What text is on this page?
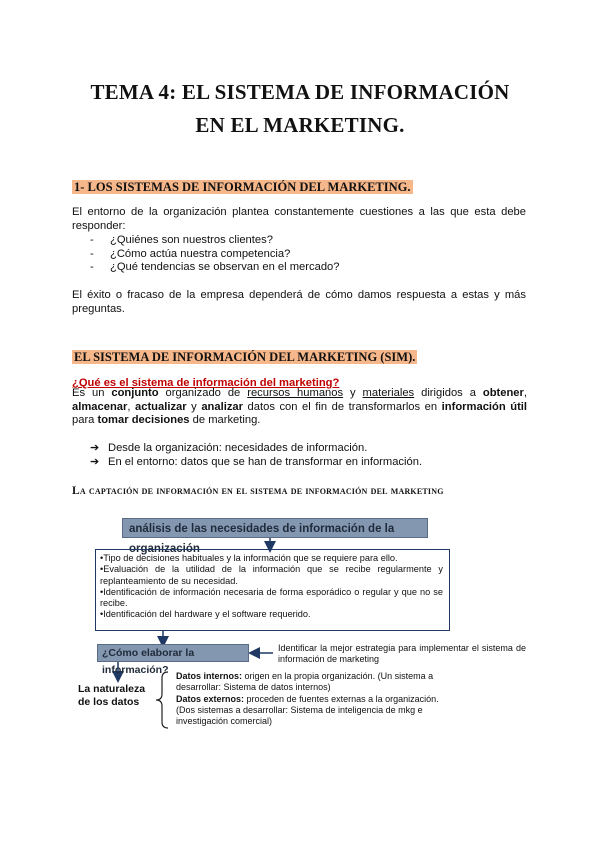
TEMA 4: EL SISTEMA DE INFORMACIÓN
EN EL MARKETING.
1- LOS SISTEMAS DE INFORMACIÓN DEL MARKETING.
El entorno de la organización plantea constantemente cuestiones a las que esta debe responder:
- ¿Quiénes son nuestros clientes?
- ¿Cómo actúa nuestra competencia?
- ¿Qué tendencias se observan en el mercado?
El éxito o fracaso de la empresa dependerá de cómo damos respuesta a estas y más preguntas.
EL SISTEMA DE INFORMACIÓN DEL MARKETING (SIM).
¿Qué es el sistema de información del marketing?
Es un conjunto organizado de recursos humanos y materiales dirigidos a obtener, almacenar, actualizar y analizar datos con el fin de transformarlos en información útil para tomar decisiones de marketing.
➔ Desde la organización: necesidades de información.
➔ En el entorno: datos que se han de transformar en información.
La captación de información en el sistema de información del marketing
análisis de las necesidades de información de la organización
•Tipo de decisiones habituales y la información que se requiere para ello.
•Evaluación de la utilidad de la información que se recibe regularmente y replanteamiento de su necesidad.
•Identificación de información necesaria de forma esporádico o regular y que no se recibe.
•Identificación del hardware y el software requerido.
¿Cómo elaborar la información?
Identificar la mejor estrategia para implementar el sistema de información de marketing
La naturaleza de los datos
Datos internos: origen en la propia organización. (Un sistema a desarrollar: Sistema de datos internos)
Datos externos: proceden de fuentes externas a la organización. (Dos sistemas a desarrollar: Sistema de inteligencia de mkg e investigación comercial)
